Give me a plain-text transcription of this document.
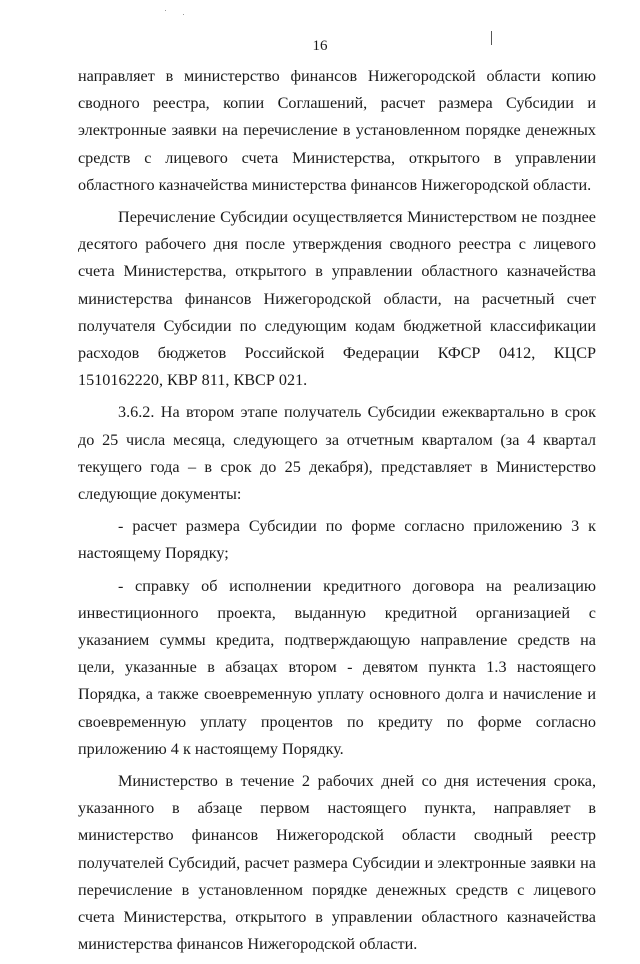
16

направляет в министерство финансов Нижегородской области копию сводного реестра, копии Соглашений, расчет размера Субсидии и электронные заявки на перечисление в установленном порядке денежных средств с лицевого счета Министерства, открытого в управлении областного казначейства министерства финансов Нижегородской области.

Перечисление Субсидии осуществляется Министерством не позднее десятого рабочего дня после утверждения сводного реестра с лицевого счета Министерства, открытого в управлении областного казначейства министерства финансов Нижегородской области, на расчетный счет получателя Субсидии по следующим кодам бюджетной классификации расходов бюджетов Российской Федерации КФСР 0412, КЦСР 1510162220, КВР 811, КВСР 021.

3.6.2. На втором этапе получатель Субсидии ежеквартально в срок до 25 числа месяца, следующего за отчетным кварталом (за 4 квартал текущего года – в срок до 25 декабря), представляет в Министерство следующие документы:

- расчет размера Субсидии по форме согласно приложению 3 к настоящему Порядку;

- справку об исполнении кредитного договора на реализацию инвестиционного проекта, выданную кредитной организацией с указанием суммы кредита, подтверждающую направление средств на цели, указанные в абзацах втором - девятом пункта 1.3 настоящего Порядка, а также своевременную уплату основного долга и начисление и своевременную уплату процентов по кредиту по форме согласно приложению 4 к настоящему Порядку.

Министерство в течение 2 рабочих дней со дня истечения срока, указанного в абзаце первом настоящего пункта, направляет в министерство финансов Нижегородской области сводный реестр получателей Субсидий, расчет размера Субсидии и электронные заявки на перечисление в установленном порядке денежных средств с лицевого счета Министерства, открытого в управлении областного казначейства министерства финансов Нижегородской области.
